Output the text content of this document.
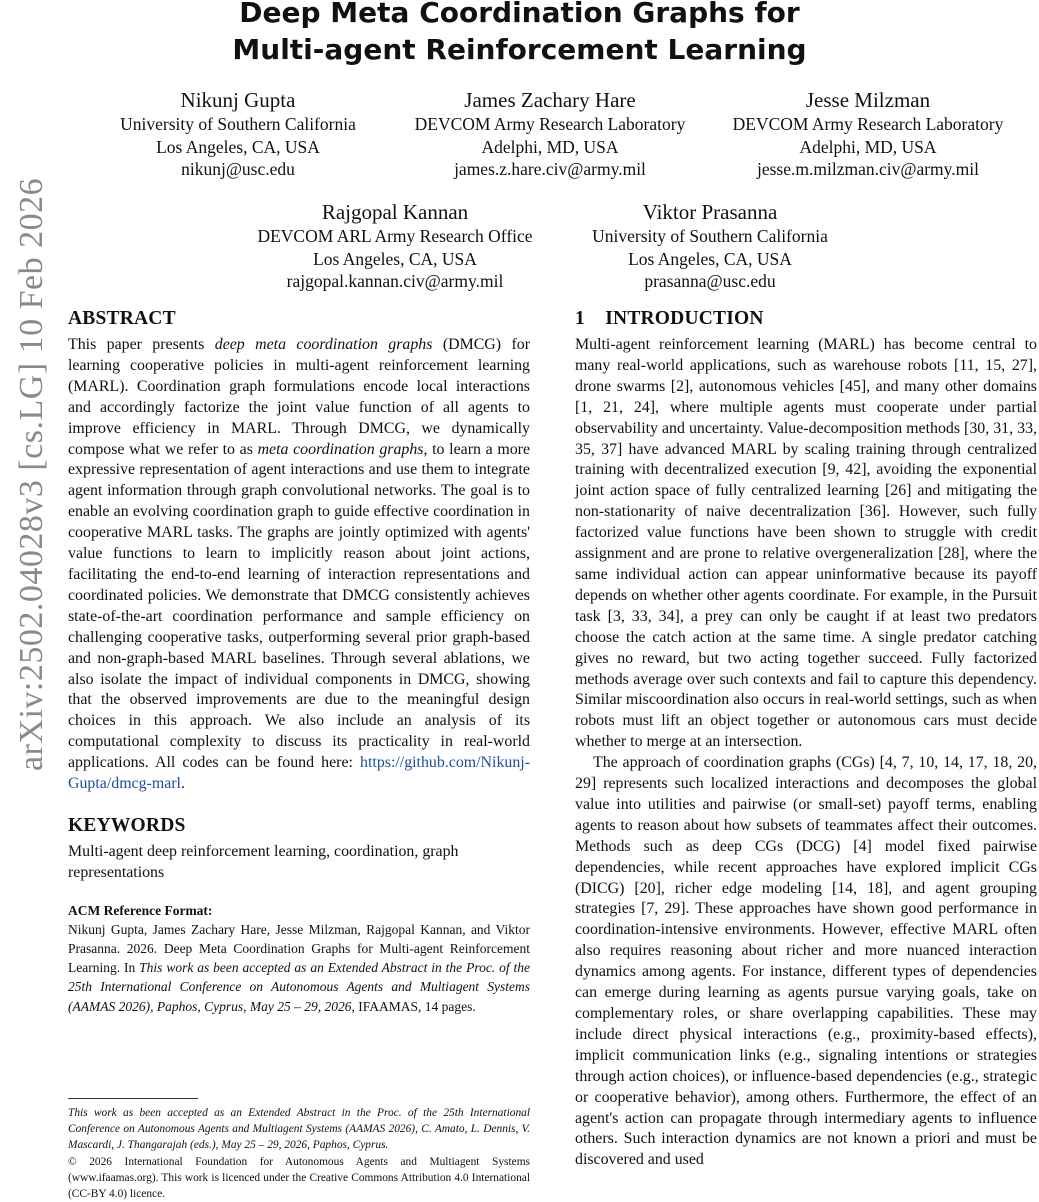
Deep Meta Coordination Graphs for
Multi-agent Reinforcement Learning
Nikunj Gupta
University of Southern California
Los Angeles, CA, USA
nikunj@usc.edu
James Zachary Hare
DEVCOM Army Research Laboratory
Adelphi, MD, USA
james.z.hare.civ@army.mil
Jesse Milzman
DEVCOM Army Research Laboratory
Adelphi, MD, USA
jesse.m.milzman.civ@army.mil
Rajgopal Kannan
DEVCOM ARL Army Research Office
Los Angeles, CA, USA
rajgopal.kannan.civ@army.mil
Viktor Prasanna
University of Southern California
Los Angeles, CA, USA
prasanna@usc.edu
arXiv:2502.04028v3 [cs.LG] 10 Feb 2026 ABSTRACT

This paper presents deep meta coordination graphs (DMCG) for learning cooperative policies in multi-agent reinforcement learning (MARL). Coordination graph formulations encode local interactions and accordingly factorize the joint value function of all agents to improve efficiency in MARL. Through DMCG, we dynamically compose what we refer to as meta coordination graphs, to learn a more expressive representation of agent interactions and use them to integrate agent information through graph convolutional networks. The goal is to enable an evolving coordination graph to guide effective coordination in cooperative MARL tasks. The graphs are jointly optimized with agents' value functions to learn to implicitly reason about joint actions, facilitating the end-to-end learning of interaction representations and coordinated policies. We demonstrate that DMCG consistently achieves state-of-the-art coordination performance and sample efficiency on challenging cooperative tasks, outperforming several prior graph-based and non-graph-based MARL baselines. Through several ablations, we also isolate the impact of individual components in DMCG, showing that the observed improvements are due to the meaningful design choices in this approach. We also include an analysis of its computational complexity to discuss its practicality in real-world applications. All codes can be found here: https://github.com/Nikunj-Gupta/dmcg-marl.

KEYWORDS

Multi-agent deep reinforcement learning, coordination, graph representations

ACM Reference Format:
Nikunj Gupta, James Zachary Hare, Jesse Milzman, Rajgopal Kannan, and Viktor Prasanna. 2026. Deep Meta Coordination Graphs for Multi-agent Reinforcement Learning. In This work as been accepted as an Extended Abstract in the Proc. of the 25th International Conference on Autonomous Agents and Multiagent Systems (AAMAS 2026), Paphos, Cyprus, May 25 – 29, 2026, IFAAMAS, 14 pages.
This work as been accepted as an Extended Abstract in the Proc. of the 25th International Conference on Autonomous Agents and Multiagent Systems (AAMAS 2026), C. Amato, L. Dennis, V. Mascardi, J. Thangarajah (eds.), May 25 – 29, 2026, Paphos, Cyprus.
© 2026 International Foundation for Autonomous Agents and Multiagent Systems (www.ifaamas.org). This work is licenced under the Creative Commons Attribution 4.0 International (CC-BY 4.0) licence.
1    INTRODUCTION

Multi-agent reinforcement learning (MARL) has become central to many real-world applications, such as warehouse robots [11, 15, 27], drone swarms [2], autonomous vehicles [45], and many other domains [1, 21, 24], where multiple agents must cooperate under partial observability and uncertainty. Value-decomposition methods [30, 31, 33, 35, 37] have advanced MARL by scaling training through centralized training with decentralized execution [9, 42], avoiding the exponential joint action space of fully centralized learning [26] and mitigating the non-stationarity of naive decentralization [36]. However, such fully factorized value functions have been shown to struggle with credit assignment and are prone to relative overgeneralization [28], where the same individual action can appear uninformative because its payoff depends on whether other agents coordinate. For example, in the Pursuit task [3, 33, 34], a prey can only be caught if at least two predators choose the catch action at the same time. A single predator catching gives no reward, but two acting together succeed. Fully factorized methods average over such contexts and fail to capture this dependency. Similar miscoordination also occurs in real-world settings, such as when robots must lift an object together or autonomous cars must decide whether to merge at an intersection.

The approach of coordination graphs (CGs) [4, 7, 10, 14, 17, 18, 20, 29] represents such localized interactions and decomposes the global value into utilities and pairwise (or small-set) payoff terms, enabling agents to reason about how subsets of teammates affect their outcomes. Methods such as deep CGs (DCG) [4] model fixed pairwise dependencies, while recent approaches have explored implicit CGs (DICG) [20], richer edge modeling [14, 18], and agent grouping strategies [7, 29]. These approaches have shown good performance in coordination-intensive environments. However, effective MARL often also requires reasoning about richer and more nuanced interaction dynamics among agents. For instance, different types of dependencies can emerge during learning as agents pursue varying goals, take on complementary roles, or share overlapping capabilities. These may include direct physical interactions (e.g., proximity-based effects), implicit communication links (e.g., signaling intentions or strategies through action choices), or influence-based dependencies (e.g., strategic or cooperative behavior), among others. Furthermore, the effect of an agent's action can propagate through intermediary agents to influence others. Such interaction dynamics are not known a priori and must be discovered and used
